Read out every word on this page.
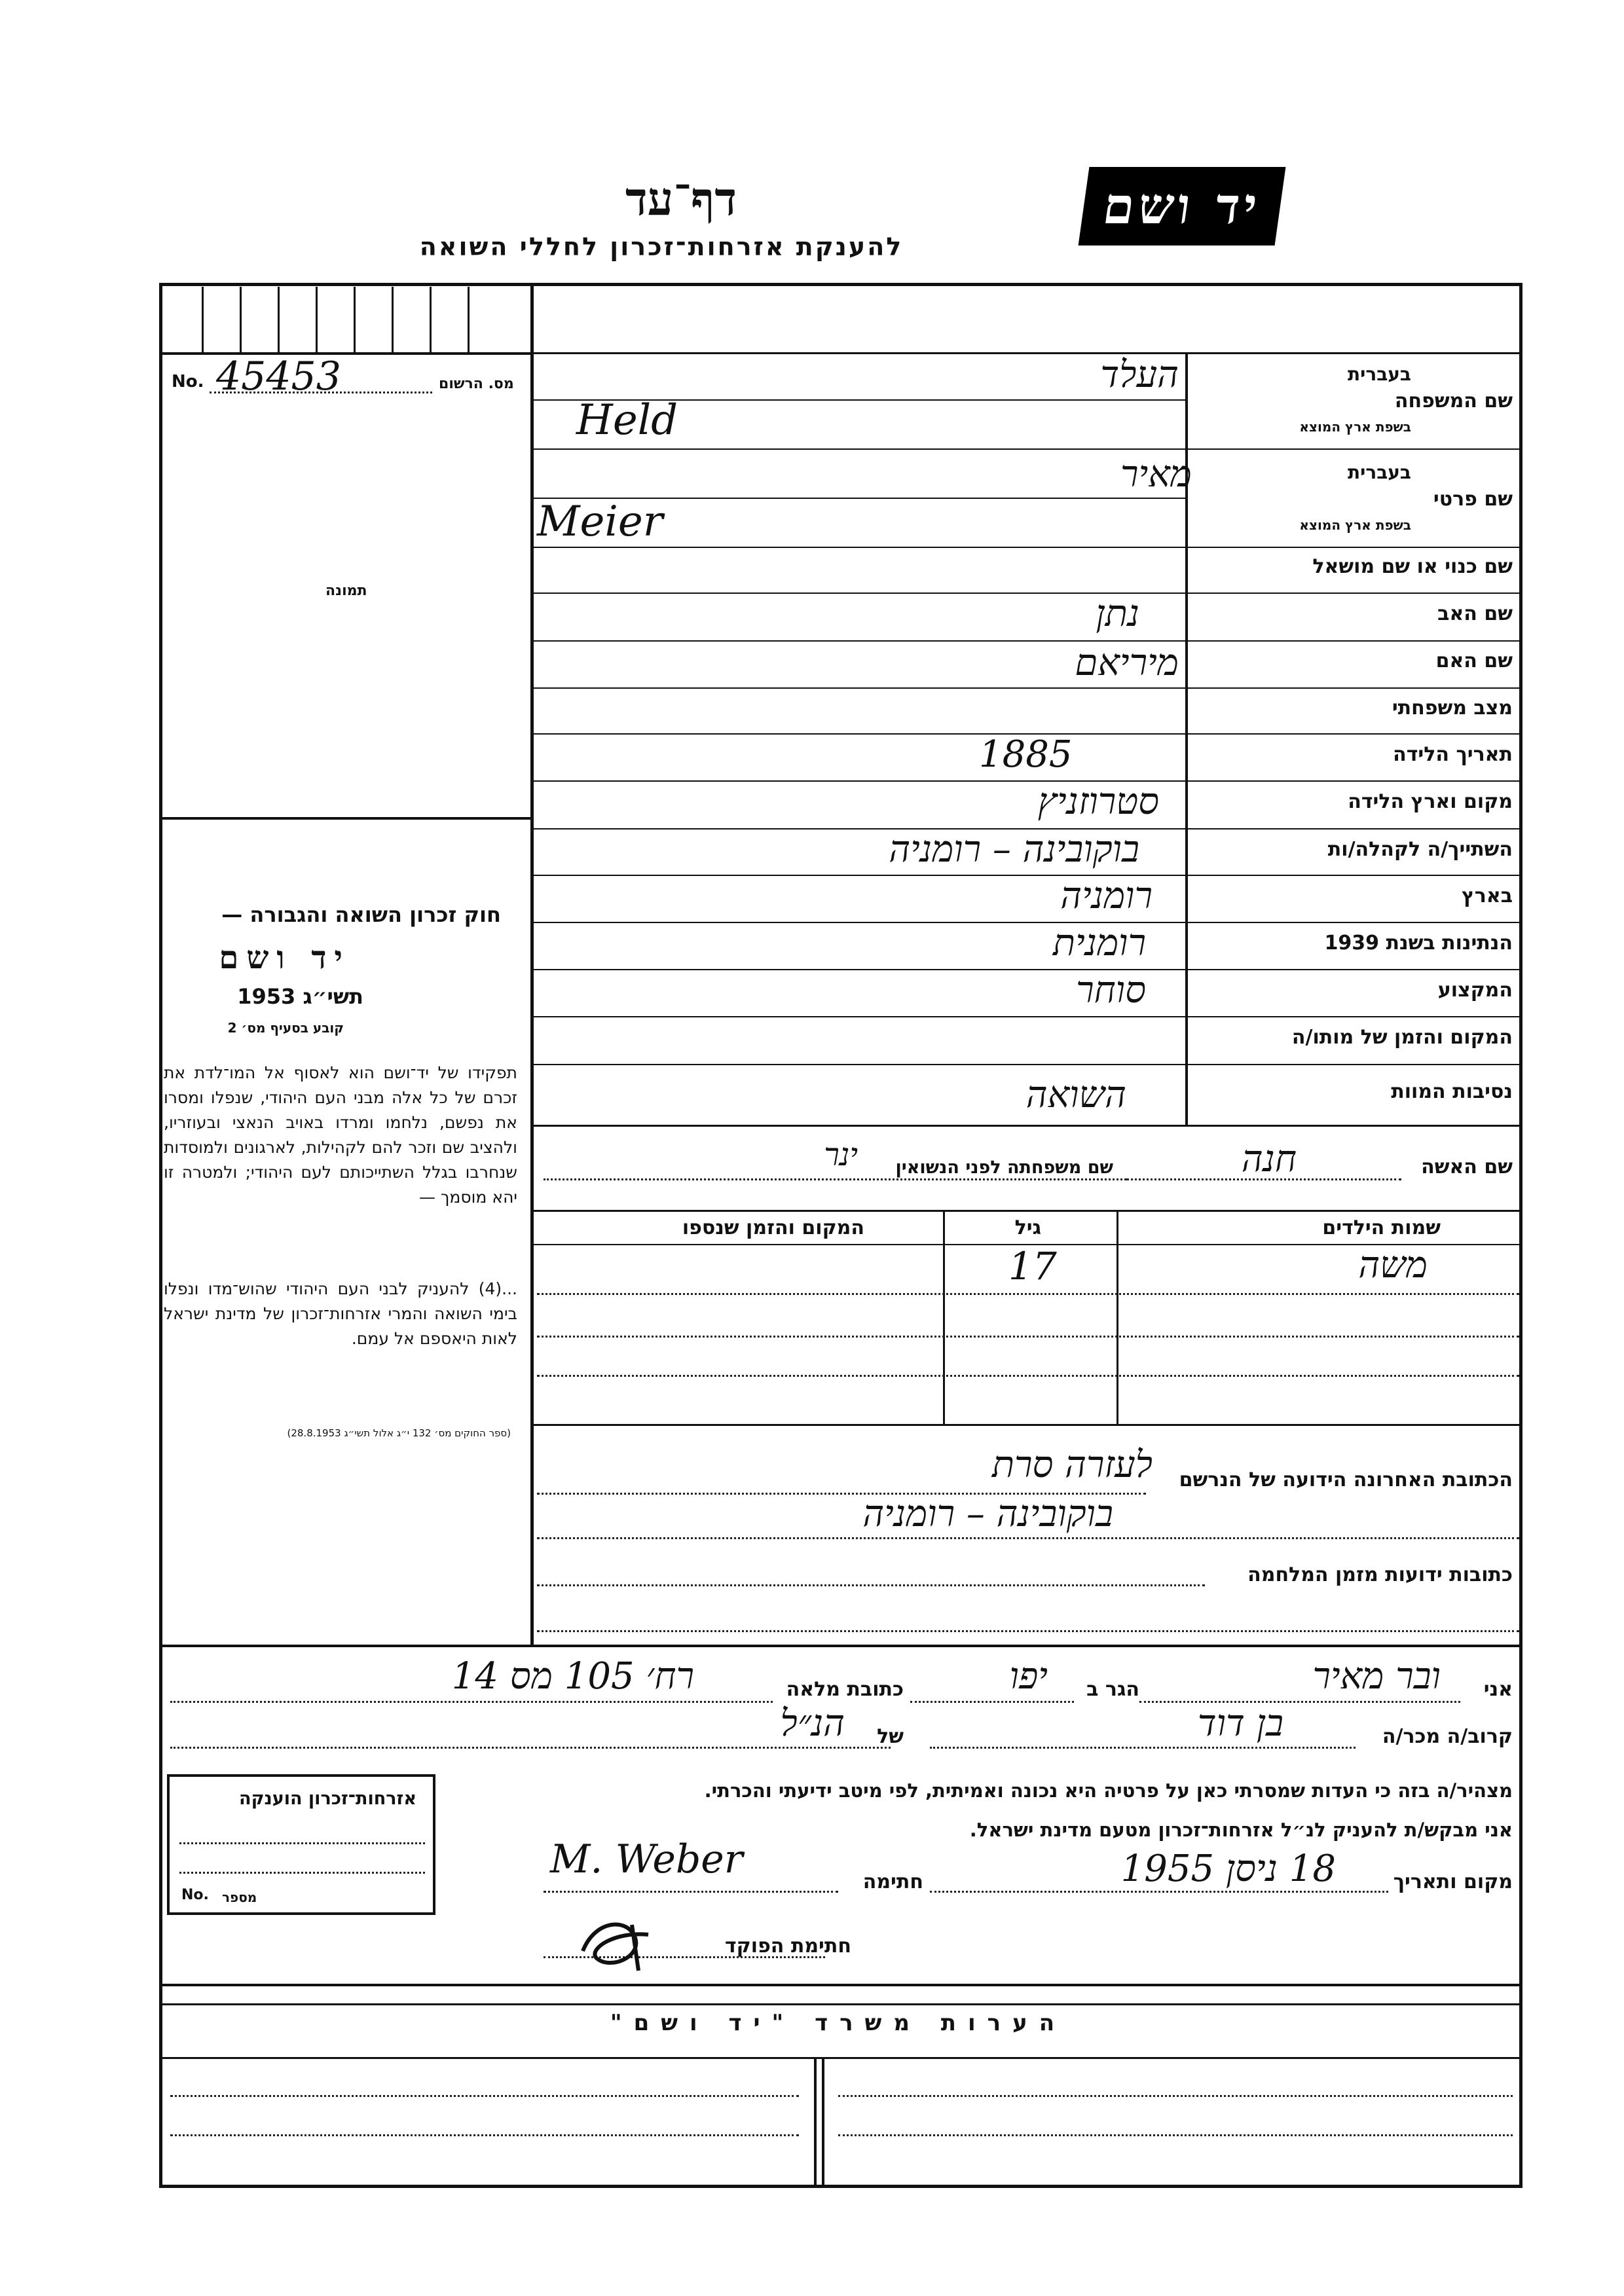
יד ושם
דף־עד
להענקת אזרחות־זכרון לחללי השואה
No. 45453	מס. הרשום
תמונה
שם המשפחה
בעברית
בשפת ארץ המוצא
שם פרטי
בעברית
בשפת ארץ המוצא
שם כנוי או שם מושאל
שם האב
שם האם
מצב משפחתי
תאריך הלידה
מקום וארץ הלידה
השתייך/ה לקהלה/ות
בארץ
הנתינות בשנת 1939
המקצוע
המקום והזמן של מותו/ה
נסיבות המוות
העלד
Held
מאיר
Meier
נתן
מיריאם
1885
סטרוזניץ
בוקובינה – רומניה
רומניה
רומנית
סוחר
השואה
שם האשה
חנה
שם משפחתה לפני הנשואין
ינר
שמות הילדים
גיל
המקום והזמן שנספו
משה
17
חוק זכרון השואה והגבורה —
יד ושם
תשי״ג 1953
קובע בסעיף מס׳ 2
תפקידו של יד־ושם הוא לאסוף אל המו־לדת את זכרם של כל אלה מבני העם היהודי, שנפלו ומסרו את נפשם, נלחמו ומרדו באויב הנאצי ובעוזריו, ולהציב שם וזכר להם לקהילות, לארגונים ולמוסדות שנחרבו בגלל השתייכותם לעם היהודי; ולמטרה זו יהא מוסמך —
...(4) להעניק לבני העם היהודי שהוש־מדו ונפלו בימי השואה והמרי אזרחות־זכרון של מדינת ישראל לאות היאספם אל עמם.
(ספר החוקים מס׳ 132 י״ג אלול תשי״ג 28.8.1953)
הכתובת האחרונה הידועה של הנרשם
לעזרה סרת
בוקובינה – רומניה
כתובות ידועות מזמן המלחמה
אני
ובר מאיר
הגר ב
יפו
כתובת מלאה
רח׳ 105 מס 14
קרוב/ה מכר/ה
בן דוד
של
הנ״ל
מצהיר/ה בזה כי העדות שמסרתי כאן על פרטיה היא נכונה ואמיתית, לפי מיטב ידיעתי והכרתי.
אני מבקש/ת להעניק לנ״ל אזרחות־זכרון מטעם מדינת ישראל.
מקום ותאריך
18 ניסן 1955
חתימה
M. Weber
חתימת הפוקד
אזרחות־זכרון הוענקה
No. מספר
הערות משרד "יד ושם"
